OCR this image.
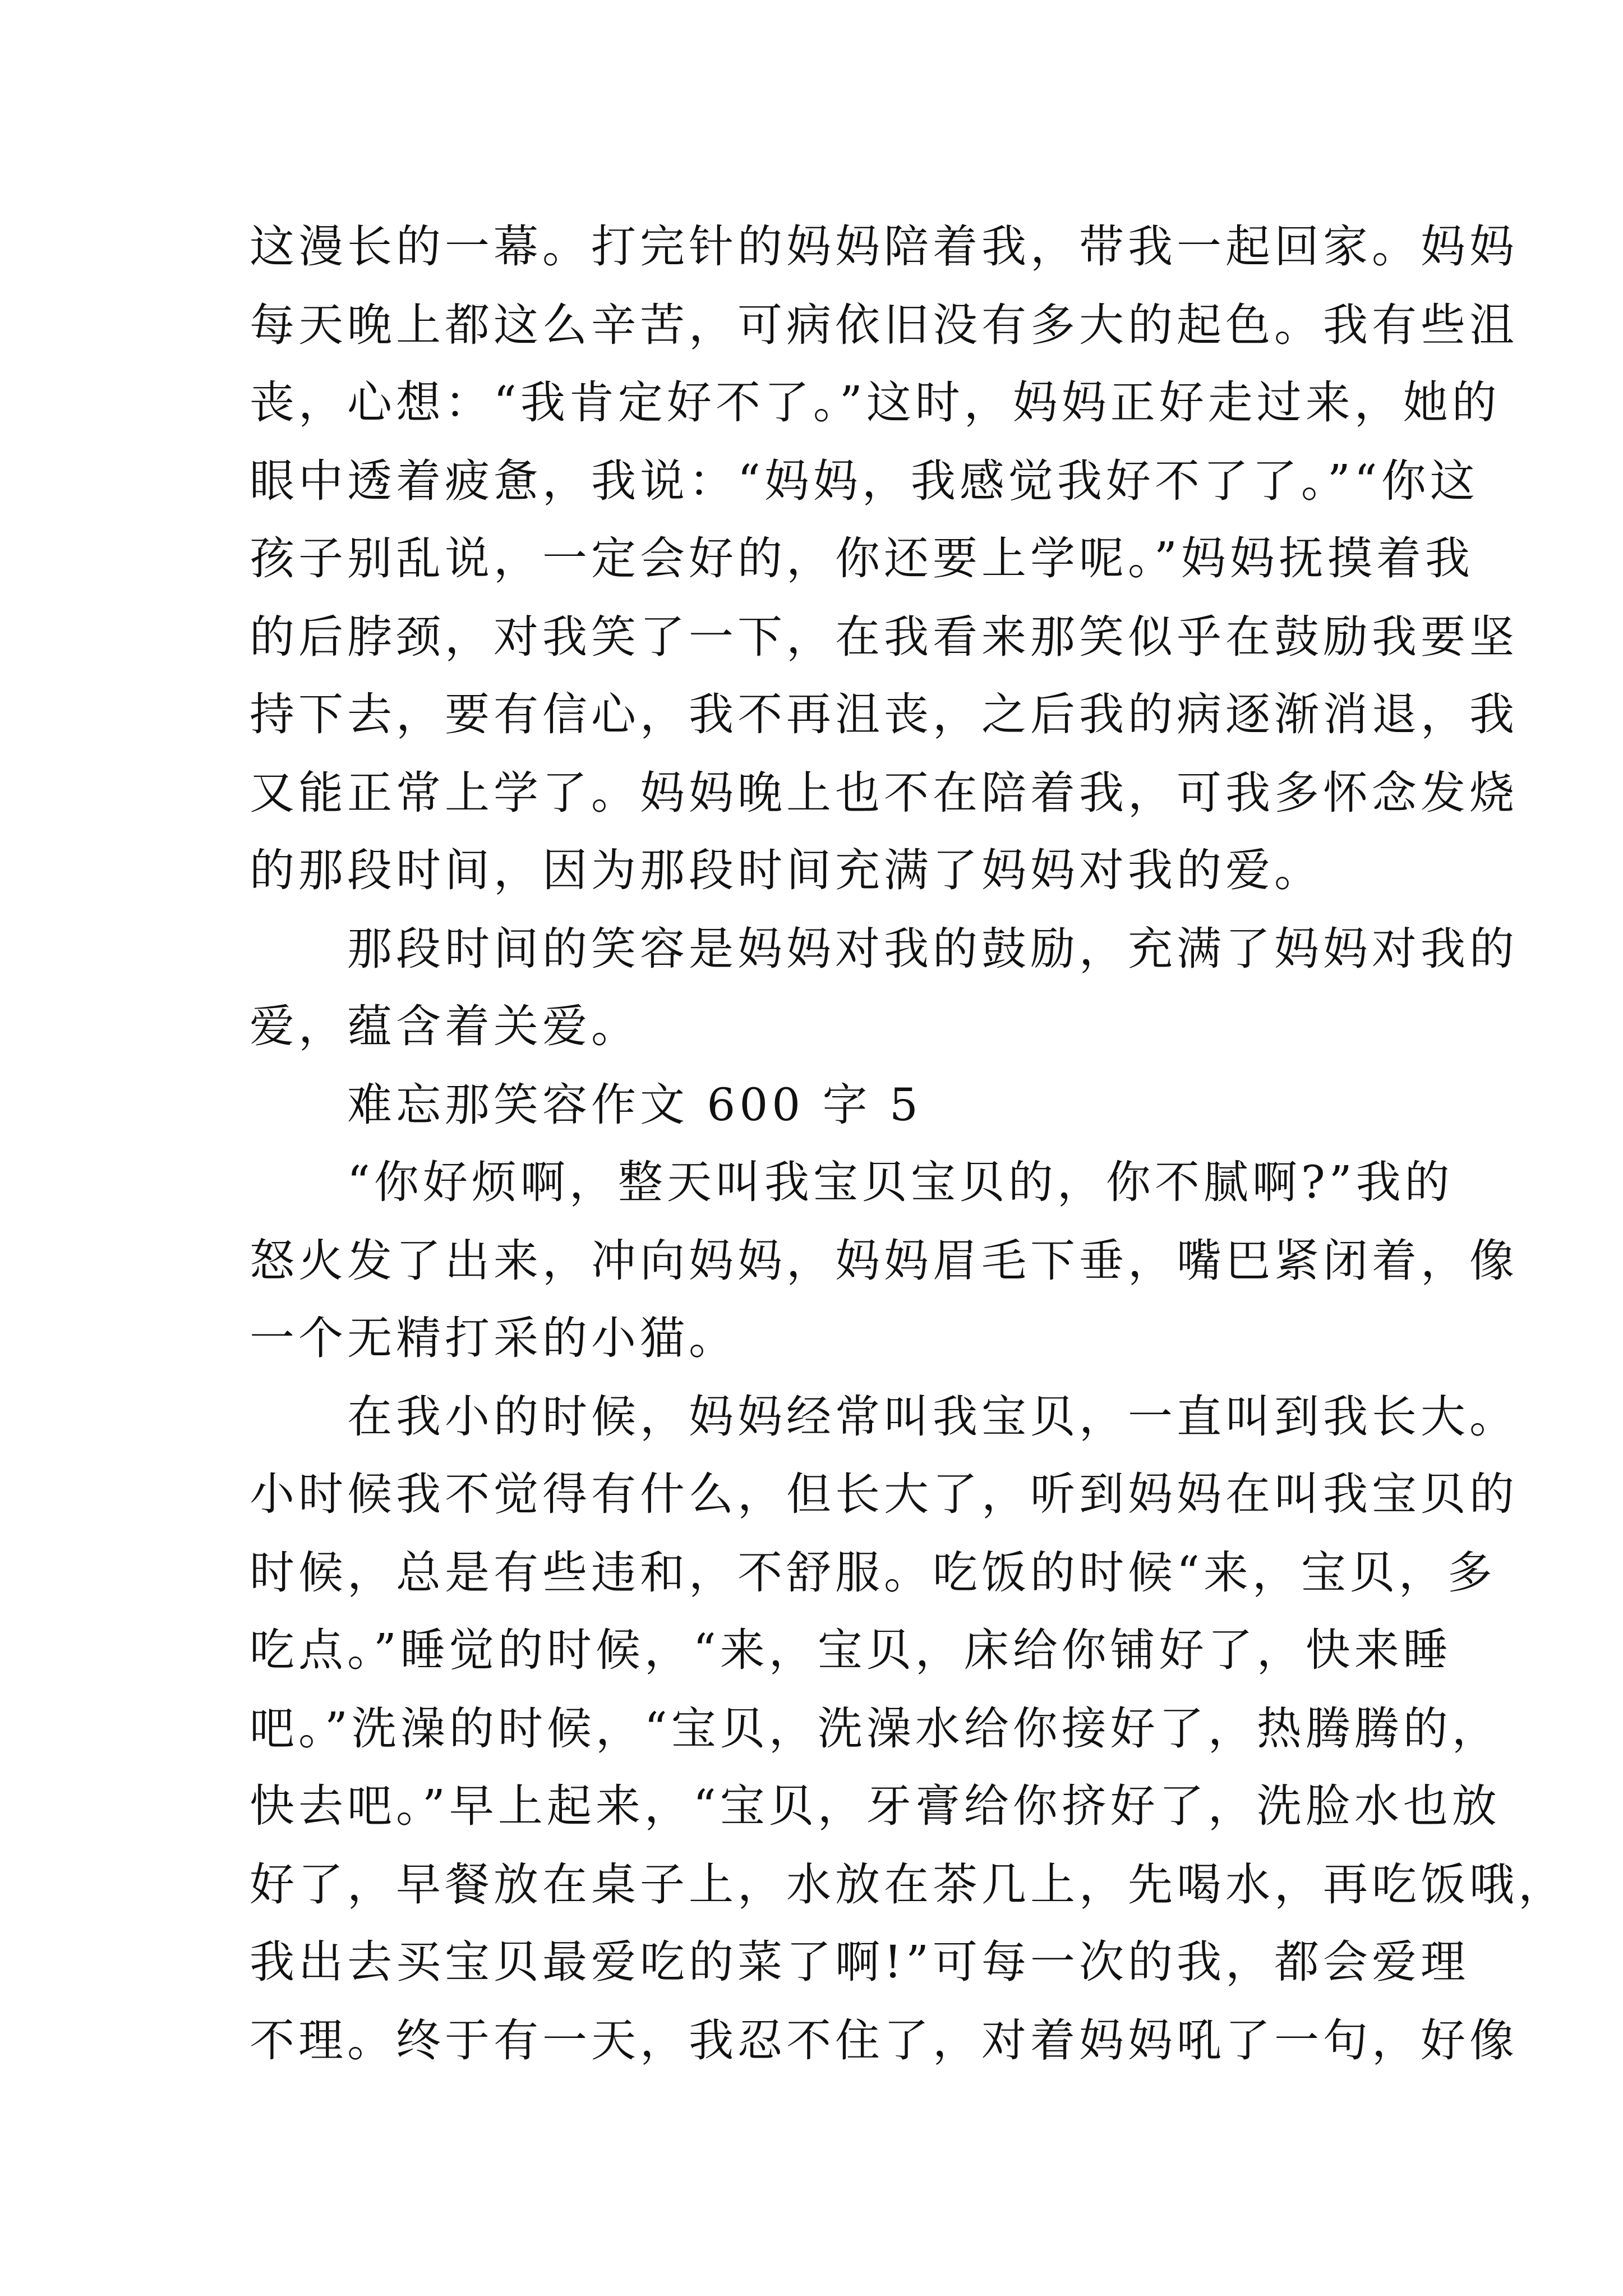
这漫长的一幕。打完针的妈妈陪着我，带我一起回家。妈妈

每天晚上都这么辛苦，可病依旧没有多大的起色。我有些沮

丧，心想：“我肯定好不了。”这时，妈妈正好走过来，她的

眼中透着疲惫，我说：“妈妈，我感觉我好不了了。”“你这

孩子别乱说，一定会好的，你还要上学呢。”妈妈抚摸着我

的后脖颈，对我笑了一下，在我看来那笑似乎在鼓励我要坚

持下去，要有信心，我不再沮丧，之后我的病逐渐消退，我

又能正常上学了。妈妈晚上也不在陪着我，可我多怀念发烧

的那段时间，因为那段时间充满了妈妈对我的爱。

　　那段时间的笑容是妈妈对我的鼓励，充满了妈妈对我的

爱，蕴含着关爱。

　　难忘那笑容作文 600 字 5

　　“你好烦啊，整天叫我宝贝宝贝的，你不腻啊?”我的

怒火发了出来，冲向妈妈，妈妈眉毛下垂，嘴巴紧闭着，像

一个无精打采的小猫。

　　在我小的时候，妈妈经常叫我宝贝，一直叫到我长大。

小时候我不觉得有什么，但长大了，听到妈妈在叫我宝贝的

时候，总是有些违和，不舒服。吃饭的时候“来，宝贝，多

吃点。”睡觉的时候，“来，宝贝，床给你铺好了，快来睡

吧。”洗澡的时候，“宝贝，洗澡水给你接好了，热腾腾的，

快去吧。”早上起来，“宝贝，牙膏给你挤好了，洗脸水也放

好了，早餐放在桌子上，水放在茶几上，先喝水，再吃饭哦，

我出去买宝贝最爱吃的菜了啊!”可每一次的我，都会爱理

不理。终于有一天，我忍不住了，对着妈妈吼了一句，好像
